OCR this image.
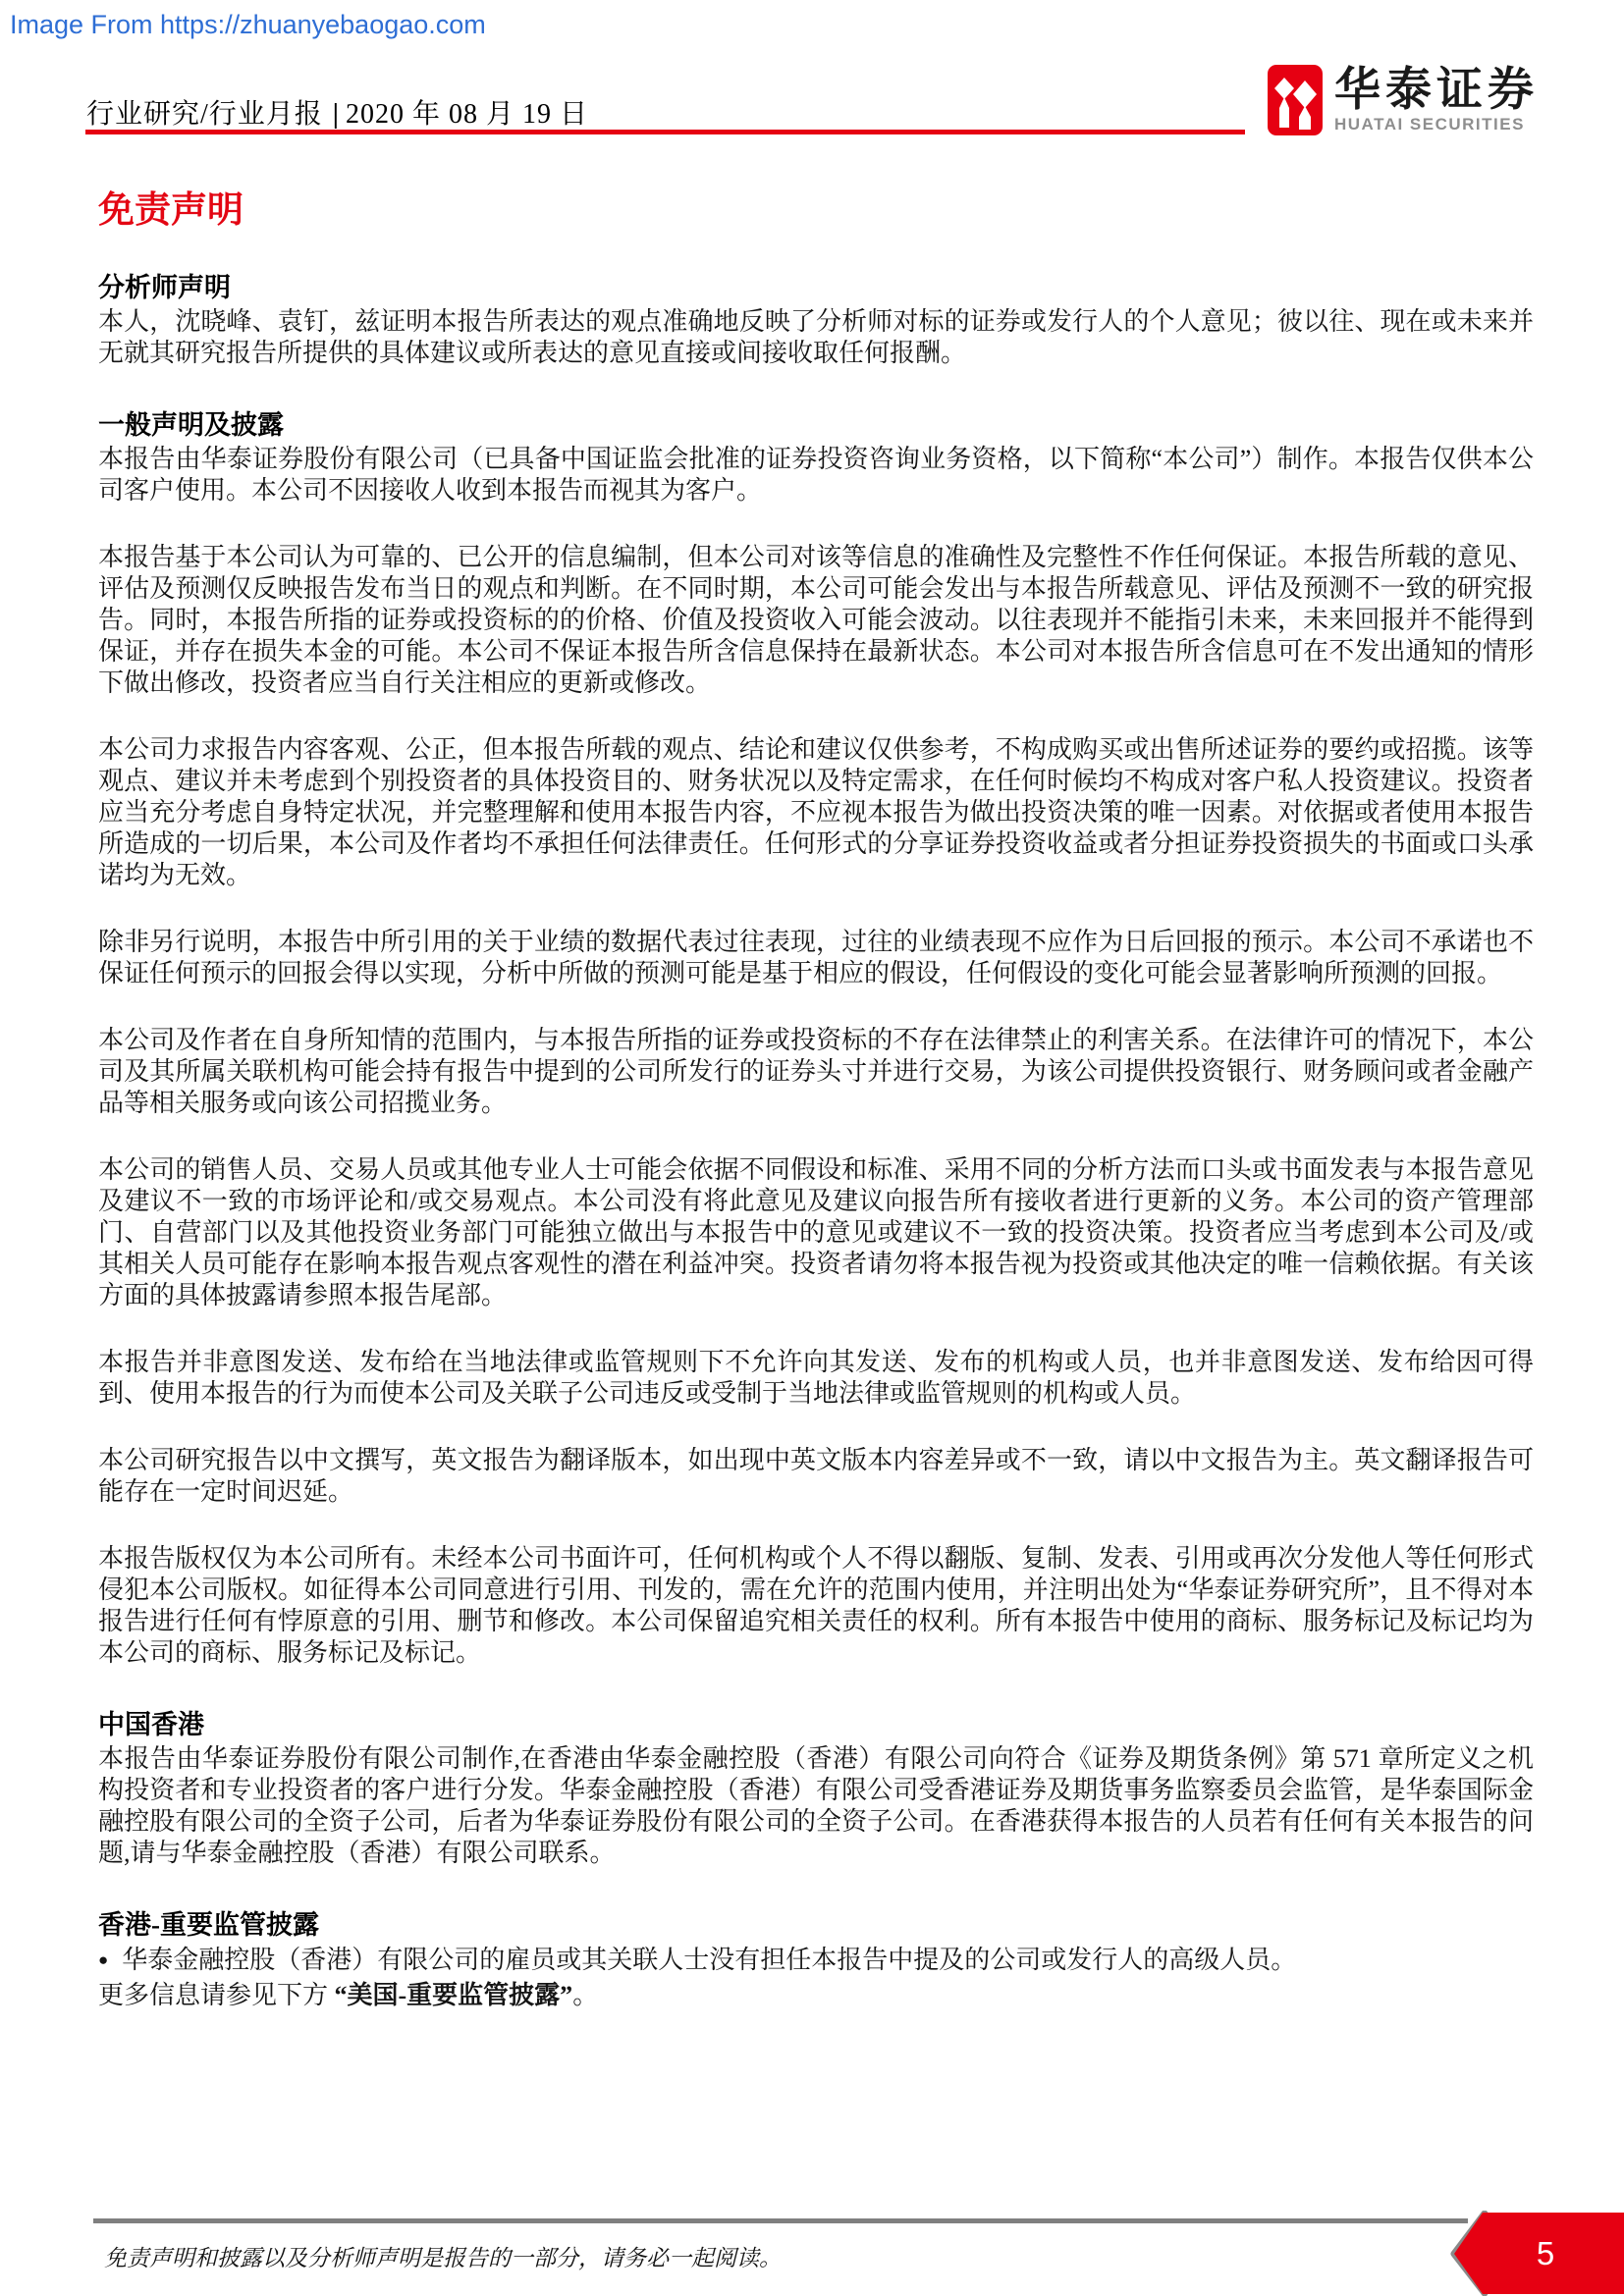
Image From https://zhuanyebaogao.com
行业研究/行业月报 | 2020 年 08 月 19 日	华泰证券
HUATAI SECURITIES
免责声明
分析师声明

本人，沈晓峰、袁钉，兹证明本报告所表达的观点准确地反映了分析师对标的证券或发行人的个人意见；彼以往、现在或未来并无就其研究报告所提供的具体建议或所表达的意见直接或间接收取任何报酬。

一般声明及披露

本报告由华泰证券股份有限公司（已具备中国证监会批准的证券投资咨询业务资格，以下简称“本公司”）制作。本报告仅供本公司客户使用。本公司不因接收人收到本报告而视其为客户。

本报告基于本公司认为可靠的、已公开的信息编制，但本公司对该等信息的准确性及完整性不作任何保证。本报告所载的意见、评估及预测仅反映报告发布当日的观点和判断。在不同时期，本公司可能会发出与本报告所载意见、评估及预测不一致的研究报告。同时，本报告所指的证券或投资标的的价格、价值及投资收入可能会波动。以往表现并不能指引未来，未来回报并不能得到保证，并存在损失本金的可能。本公司不保证本报告所含信息保持在最新状态。本公司对本报告所含信息可在不发出通知的情形下做出修改，投资者应当自行关注相应的更新或修改。

本公司力求报告内容客观、公正，但本报告所载的观点、结论和建议仅供参考，不构成购买或出售所述证券的要约或招揽。该等观点、建议并未考虑到个别投资者的具体投资目的、财务状况以及特定需求，在任何时候均不构成对客户私人投资建议。投资者应当充分考虑自身特定状况，并完整理解和使用本报告内容，不应视本报告为做出投资决策的唯一因素。对依据或者使用本报告所造成的一切后果，本公司及作者均不承担任何法律责任。任何形式的分享证券投资收益或者分担证券投资损失的书面或口头承诺均为无效。

除非另行说明，本报告中所引用的关于业绩的数据代表过往表现，过往的业绩表现不应作为日后回报的预示。本公司不承诺也不保证任何预示的回报会得以实现，分析中所做的预测可能是基于相应的假设，任何假设的变化可能会显著影响所预测的回报。

本公司及作者在自身所知情的范围内，与本报告所指的证券或投资标的不存在法律禁止的利害关系。在法律许可的情况下，本公司及其所属关联机构可能会持有报告中提到的公司所发行的证券头寸并进行交易，为该公司提供投资银行、财务顾问或者金融产品等相关服务或向该公司招揽业务。

本公司的销售人员、交易人员或其他专业人士可能会依据不同假设和标准、采用不同的分析方法而口头或书面发表与本报告意见及建议不一致的市场评论和/或交易观点。本公司没有将此意见及建议向报告所有接收者进行更新的义务。本公司的资产管理部门、自营部门以及其他投资业务部门可能独立做出与本报告中的意见或建议不一致的投资决策。投资者应当考虑到本公司及/或其相关人员可能存在影响本报告观点客观性的潜在利益冲突。投资者请勿将本报告视为投资或其他决定的唯一信赖依据。有关该方面的具体披露请参照本报告尾部。

本报告并非意图发送、发布给在当地法律或监管规则下不允许向其发送、发布的机构或人员，也并非意图发送、发布给因可得到、使用本报告的行为而使本公司及关联子公司违反或受制于当地法律或监管规则的机构或人员。

本公司研究报告以中文撰写，英文报告为翻译版本，如出现中英文版本内容差异或不一致，请以中文报告为主。英文翻译报告可能存在一定时间迟延。

本报告版权仅为本公司所有。未经本公司书面许可，任何机构或个人不得以翻版、复制、发表、引用或再次分发他人等任何形式侵犯本公司版权。如征得本公司同意进行引用、刊发的，需在允许的范围内使用，并注明出处为“华泰证券研究所”，且不得对本报告进行任何有悖原意的引用、删节和修改。本公司保留追究相关责任的权利。所有本报告中使用的商标、服务标记及标记均为本公司的商标、服务标记及标记。

中国香港

本报告由华泰证券股份有限公司制作,在香港由华泰金融控股（香港）有限公司向符合《证券及期货条例》第 571 章所定义之机构投资者和专业投资者的客户进行分发。华泰金融控股（香港）有限公司受香港证券及期货事务监察委员会监管，是华泰国际金融控股有限公司的全资子公司，后者为华泰证券股份有限公司的全资子公司。在香港获得本报告的人员若有任何有关本报告的问题,请与华泰金融控股（香港）有限公司联系。

香港-重要监管披露
● 华泰金融控股（香港）有限公司的雇员或其关联人士没有担任本报告中提及的公司或发行人的高级人员。
更多信息请参见下方 “美国-重要监管披露”。
免责声明和披露以及分析师声明是报告的一部分，请务必一起阅读。	5
